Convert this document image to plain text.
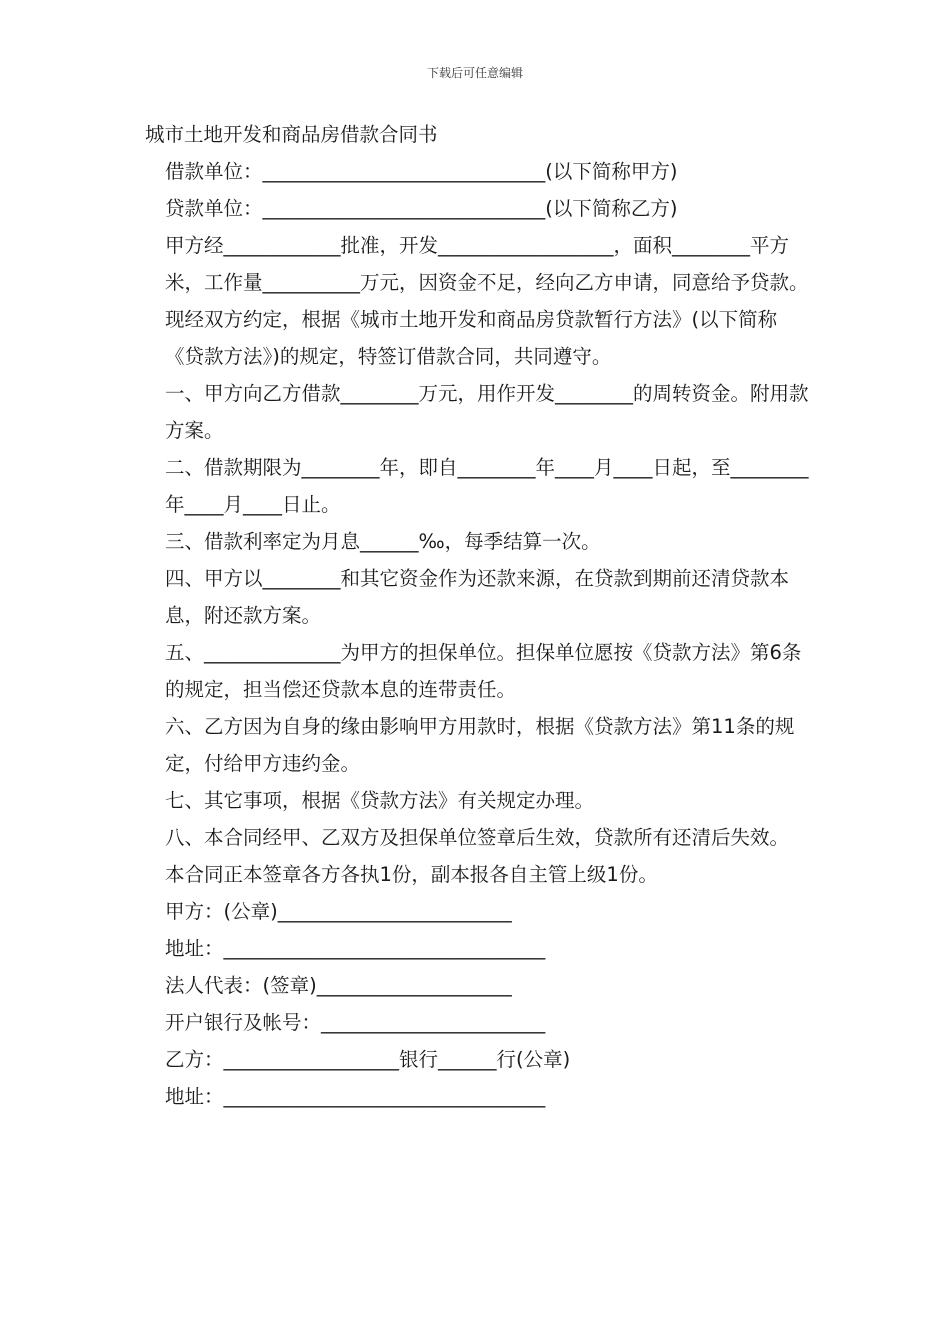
下载后可任意编辑

城市土地开发和商品房借款合同书

借款单位：_____________________________(以下简称甲方)

贷款单位：_____________________________(以下简称乙方)

甲方经____________批准，开发__________________，面积________平方米，工作量__________万元，因资金不足，经向乙方申请，同意给予贷款。现经双方约定，根据《城市土地开发和商品房贷款暂行方法》(以下简称《贷款方法》)的规定，特签订借款合同，共同遵守。

一、甲方向乙方借款________万元，用作开发________的周转资金。附用款方案。

二、借款期限为________年，即自________年____月____日起，至________年____月____日止。

三、借款利率定为月息______‰，每季结算一次。

四、甲方以________和其它资金作为还款来源，在贷款到期前还清贷款本息，附还款方案。

五、______________为甲方的担保单位。担保单位愿按《贷款方法》第6条的规定，担当偿还贷款本息的连带责任。

六、乙方因为自身的缘由影响甲方用款时，根据《贷款方法》第11条的规定，付给甲方违约金。

七、其它事项，根据《贷款方法》有关规定办理。

八、本合同经甲、乙双方及担保单位签章后生效，贷款所有还清后失效。

本合同正本签章各方各执1份，副本报各自主管上级1份。

甲方：(公章)________________________

地址：_________________________________

法人代表：(签章)____________________

开户银行及帐号：_______________________

乙方：__________________银行______行(公章)

地址：_________________________________
